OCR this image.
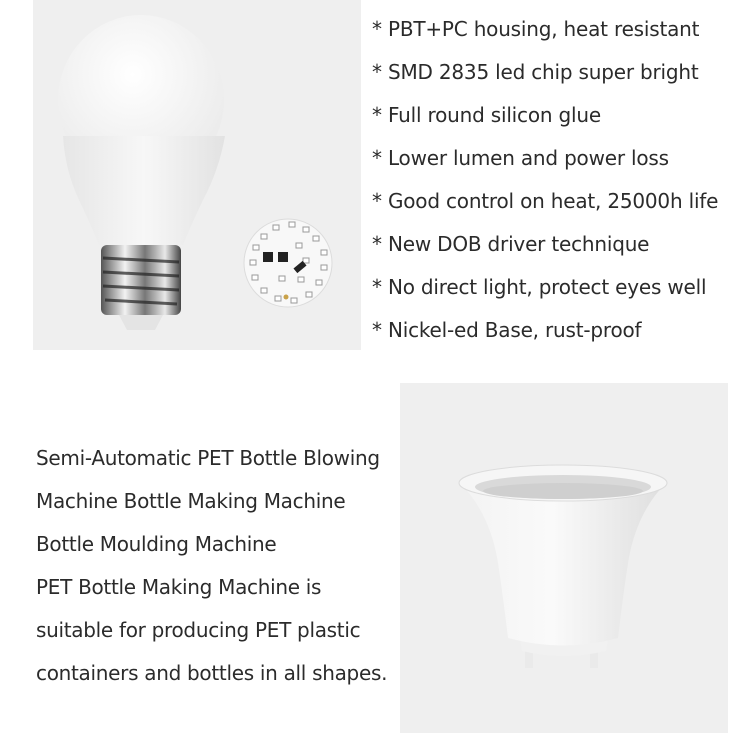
* PBT+PC housing, heat resistant
* SMD 2835 led chip super bright
* Full round silicon glue
* Lower lumen and power loss
* Good control on heat, 25000h life
* New DOB driver technique
* No direct light, protect eyes well
* Nickel-ed Base, rust-proof

Semi-Automatic PET Bottle Blowing

Machine Bottle Making Machine

Bottle Moulding Machine

PET Bottle Making Machine is

suitable for producing PET plastic

containers and bottles in all shapes.
